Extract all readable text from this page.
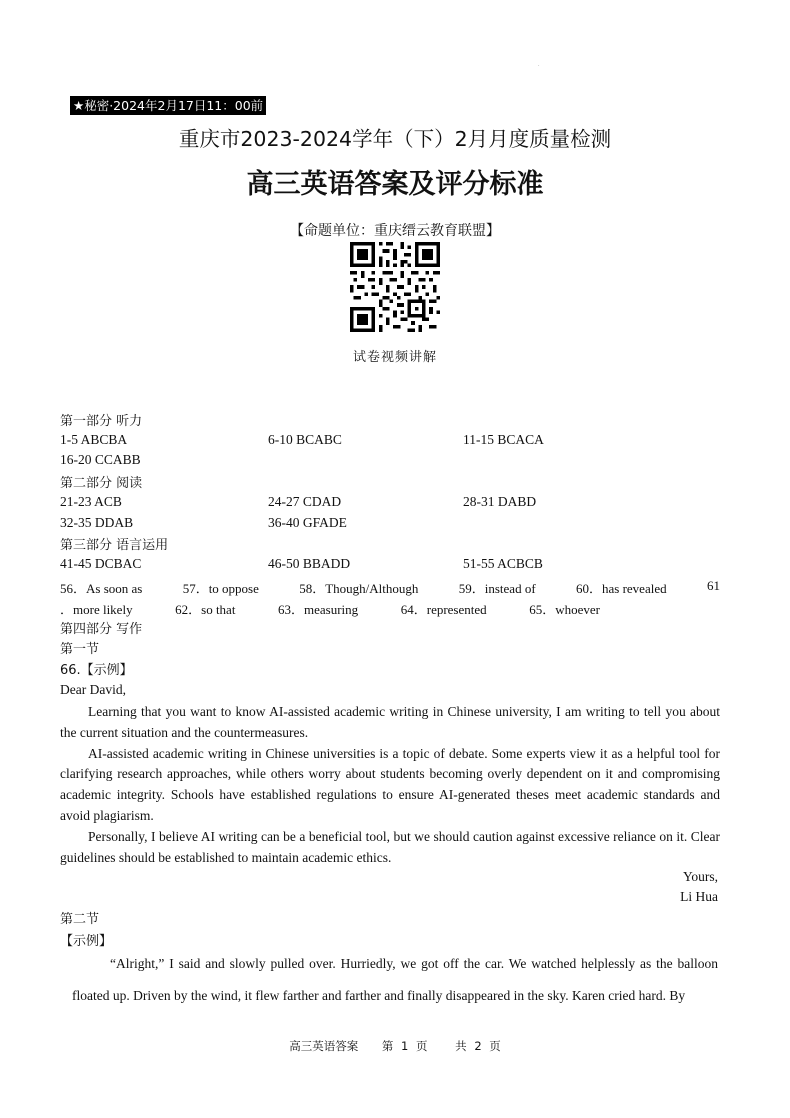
.
★秘密·2024年2月17日11：00前
重庆市2023-2024学年（下）2月月度质量检测
高三英语答案及评分标准
【命题单位：重庆缙云教育联盟】
试卷视频讲解
第一部分 听力
1-5 ABCBA	6-10 BCABC	11-15 BCACA
16-20 CCABB
第二部分 阅读
21-23 ACB	24-27 CDAD	28-31 DABD
32-35 DDAB	36-40 GFADE
第三部分 语言运用
41-45 DCBAC	46-50 BBADD	51-55 ACBCB
56．As soon as	57．to oppose	58．Though/Although	59．instead of	60．has revealed	61
．more likely	62．so that	63．measuring	64．represented	65．whoever
第四部分 写作
第一节
66.【示例】
Dear David,
Learning that you want to know AI-assisted academic writing in Chinese university, I am writing to tell you about the current situation and the countermeasures.
AI-assisted academic writing in Chinese universities is a topic of debate. Some experts view it as a helpful tool for clarifying research approaches, while others worry about students becoming overly dependent on it and compromising academic integrity. Schools have established regulations to ensure AI-generated theses meet academic standards and avoid plagiarism.
Personally, I believe AI writing can be a beneficial tool, but we should caution against excessive reliance on it. Clear guidelines should be established to maintain academic ethics.
Yours,
Li Hua
第二节
【示例】
“Alright,” I said and slowly pulled over. Hurriedly, we got off the car. We watched helplessly as the balloon floated up. Driven by the wind, it flew farther and farther and finally disappeared in the sky. Karen cried hard. By
高三英语答案 第 1 页 共 2 页
